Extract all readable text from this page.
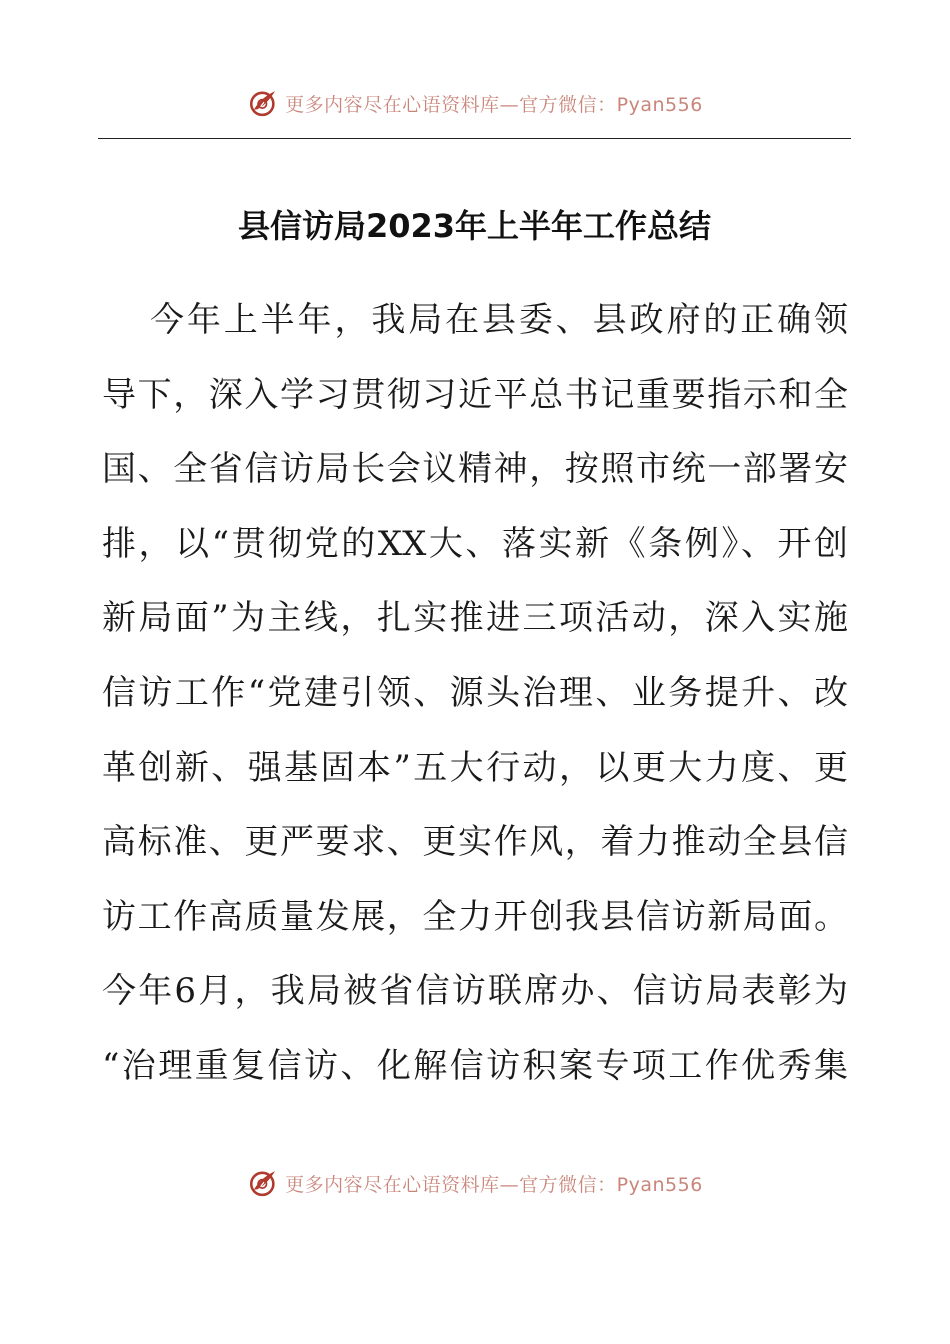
更多内容尽在心语资料库—官方微信：Pyan556
县信访局2023年上半年工作总结
今年上半年，我局在县委、县政府的正确领
导下，深入学习贯彻习近平总书记重要指示和全
国、全省信访局长会议精神，按照市统一部署安
排，以“贯彻党的XX大、落实新《条例》、开创
新局面”为主线，扎实推进三项活动，深入实施
信访工作“党建引领、源头治理、业务提升、改
革创新、强基固本”五大行动，以更大力度、更
高标准、更严要求、更实作风，着力推动全县信
访工作高质量发展，全力开创我县信访新局面。
今年6月，我局被省信访联席办、信访局表彰为
“治理重复信访、化解信访积案专项工作优秀集
更多内容尽在心语资料库—官方微信：Pyan556
